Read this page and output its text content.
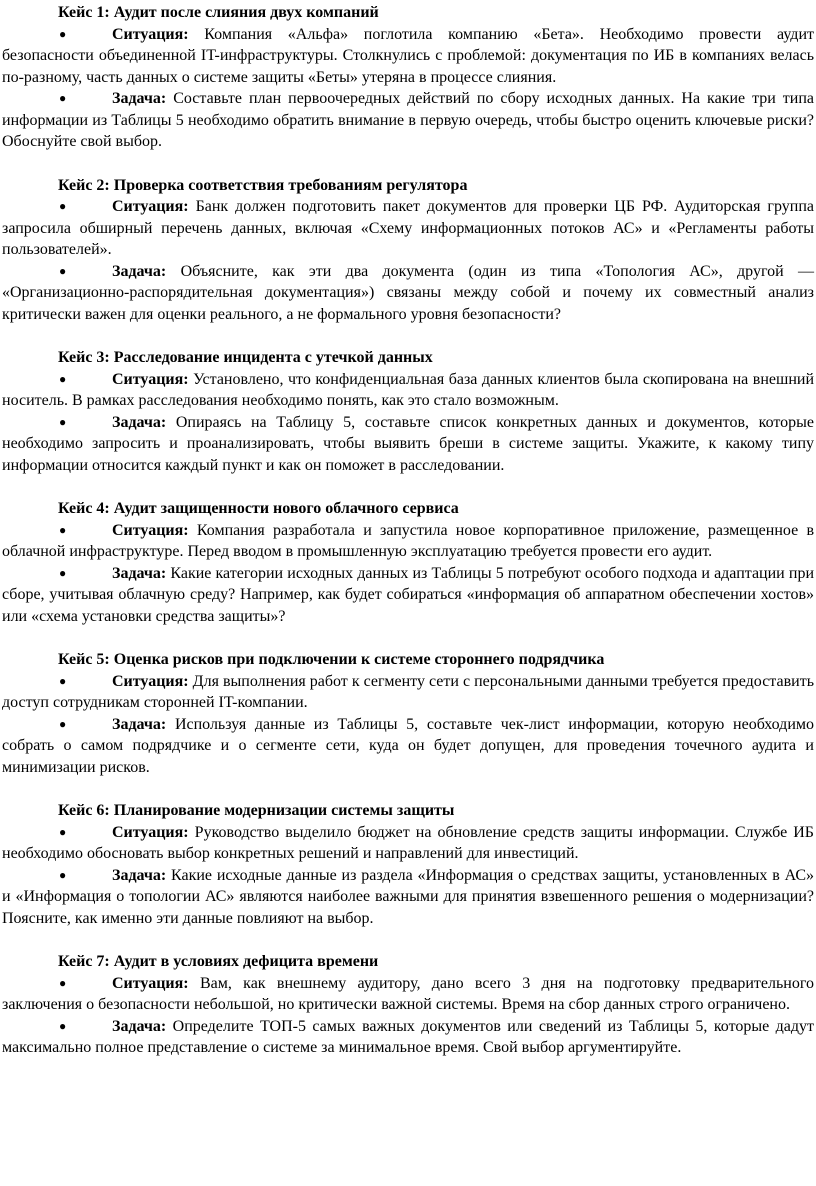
Кейс 1: Аудит после слияния двух компаний

●	Ситуация: Компания «Альфа» поглотила компанию «Бета». Необходимо провести аудит безопасности объединенной IT-инфраструктуры. Столкнулись с проблемой: документация по ИБ в компаниях велась по-разному, часть данных о системе защиты «Беты» утеряна в процессе слияния.

●	Задача: Составьте план первоочередных действий по сбору исходных данных. На какие три типа информации из Таблицы 5 необходимо обратить внимание в первую очередь, чтобы быстро оценить ключевые риски? Обоснуйте свой выбор.

Кейс 2: Проверка соответствия требованиям регулятора

●	Ситуация: Банк должен подготовить пакет документов для проверки ЦБ РФ. Аудиторская группа запросила обширный перечень данных, включая «Схему информационных потоков АС» и «Регламенты работы пользователей».

●	Задача: Объясните, как эти два документа (один из типа «Топология АС», другой — «Организационно-распорядительная документация») связаны между собой и почему их совместный анализ критически важен для оценки реального, а не формального уровня безопасности?

Кейс 3: Расследование инцидента с утечкой данных

●	Ситуация: Установлено, что конфиденциальная база данных клиентов была скопирована на внешний носитель. В рамках расследования необходимо понять, как это стало возможным.

●	Задача: Опираясь на Таблицу 5, составьте список конкретных данных и документов, которые необходимо запросить и проанализировать, чтобы выявить бреши в системе защиты. Укажите, к какому типу информации относится каждый пункт и как он поможет в расследовании.

Кейс 4: Аудит защищенности нового облачного сервиса

●	Ситуация: Компания разработала и запустила новое корпоративное приложение, размещенное в облачной инфраструктуре. Перед вводом в промышленную эксплуатацию требуется провести его аудит.

●	Задача: Какие категории исходных данных из Таблицы 5 потребуют особого подхода и адаптации при сборе, учитывая облачную среду? Например, как будет собираться «информация об аппаратном обеспечении хостов» или «схема установки средства защиты»?

Кейс 5: Оценка рисков при подключении к системе стороннего подрядчика

●	Ситуация: Для выполнения работ к сегменту сети с персональными данными требуется предоставить доступ сотрудникам сторонней IT-компании.

●	Задача: Используя данные из Таблицы 5, составьте чек-лист информации, которую необходимо собрать о самом подрядчике и о сегменте сети, куда он будет допущен, для проведения точечного аудита и минимизации рисков.

Кейс 6: Планирование модернизации системы защиты

●	Ситуация: Руководство выделило бюджет на обновление средств защиты информации. Службе ИБ необходимо обосновать выбор конкретных решений и направлений для инвестиций.

●	Задача: Какие исходные данные из раздела «Информация о средствах защиты, установленных в АС» и «Информация о топологии АС» являются наиболее важными для принятия взвешенного решения о модернизации? Поясните, как именно эти данные повлияют на выбор.

Кейс 7: Аудит в условиях дефицита времени

●	Ситуация: Вам, как внешнему аудитору, дано всего 3 дня на подготовку предварительного заключения о безопасности небольшой, но критически важной системы. Время на сбор данных строго ограничено.

●	Задача: Определите ТОП-5 самых важных документов или сведений из Таблицы 5, которые дадут максимально полное представление о системе за минимальное время. Свой выбор аргументируйте.
